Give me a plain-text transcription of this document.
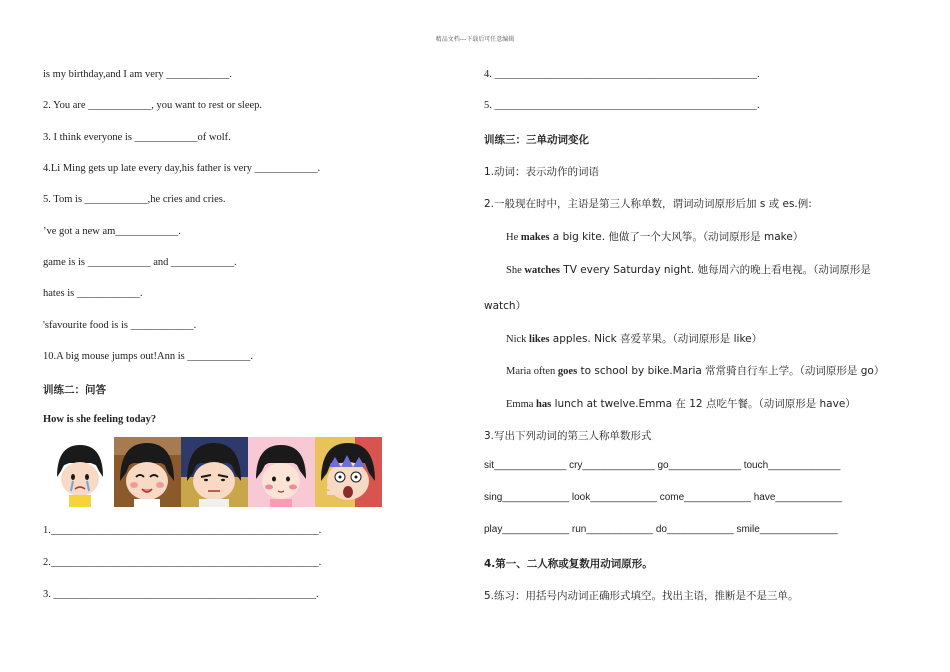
精品文档---下载后可任意编辑
is my birthday,and I am very ____________.
2. You are ____________, you want to rest or sleep.
3. I think everyone is ____________of wolf.
4.Li Ming gets up late every day,his father is very ____________.
5. Tom is ____________,he cries and cries.
’ve got a new am____________.
game is is ____________ and ____________.
hates is ____________.
'sfavourite food is is ____________.
10.A big mouse jumps out!Ann is ____________.
训练二：问答
How is she feeling today?
1.___________________________________________________.
2.___________________________________________________.
3. __________________________________________________.
4. __________________________________________________.
5. __________________________________________________.
训练三：三单动词变化
1.动词：表示动作的词语
2.一般现在时中，主语是第三人称单数，谓词动词原形后加 s 或 es.例:
He makes a big kite. 他做了一个大风筝。（动词原形是 make）
She watches TV every Saturday night. 她每周六的晚上看电视。（动词原形是
watch）
Nick likes apples. Nick 喜爱苹果。（动词原形是 like）
Maria often goes to school by bike.Maria 常常骑自行车上学。（动词原形是 go）
Emma has lunch at twelve.Emma 在 12 点吃午餐。（动词原形是 have）
3.写出下列动词的第三人称单数形式
sit_____________ cry_____________ go_____________ touch_____________
sing____________ look____________ come____________ have____________
play____________ run____________ do____________ smile______________
4.第一、二人称或复数用动词原形。
5.练习：用括号内动词正确形式填空。找出主语，推断是不是三单。
